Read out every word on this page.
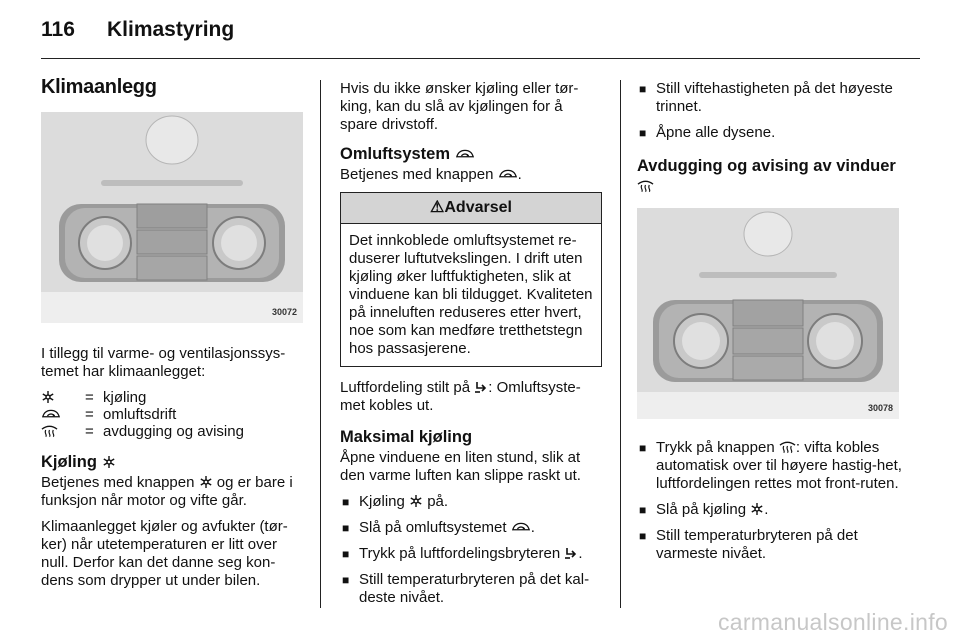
116 Klimastyring
Klimaanlegg
30072

I tillegg til varme- og ventilasjonssys-temet har klimaanlegget:

= kjøling
= omluftsdrift
= avdugging og avising
Kjøling

Betjenes med knappen og er bare i funksjon når motor og vifte går.

Klimaanlegget kjøler og avfukter (tør-ker) når utetemperaturen er litt over null. Derfor kan det danne seg kon-dens som drypper ut under bilen.

Hvis du ikke ønsker kjøling eller tør-king, kan du slå av kjølingen for å spare drivstoff.

Omluftsystem

Betjenes med knappen .

⚠Advarsel
Det innkoblede omluftsystemet re-duserer luftutvekslingen. I drift uten kjøling øker luftfuktigheten, slik at vinduene kan bli tildugget. Kvaliteten på inneluften reduseres etter hvert, noe som kan medføre tretthetstegn hos passasjerene.

Luftfordeling stilt på : Omluftsyste-met kobles ut.

Maksimal kjøling

Åpne vinduene en liten stund, slik at den varme luften kan slippe raskt ut.

■ Kjøling på.
■ Slå på omluftsystemet .
■ Trykk på luftfordelingsbryteren .
■ Still temperaturbryteren på det kal-deste nivået.
■ Still viftehastigheten på det høyeste trinnet.
■ Åpne alle dysene.
Avdugging og avising av vinduer
30078
■ Trykk på knappen : vifta kobles automatisk over til høyere hastig-het, luftfordelingen rettes mot front-ruten.
■ Slå på kjøling .
■ Still temperaturbryteren på det varmeste nivået.
carmanualsonline.info
